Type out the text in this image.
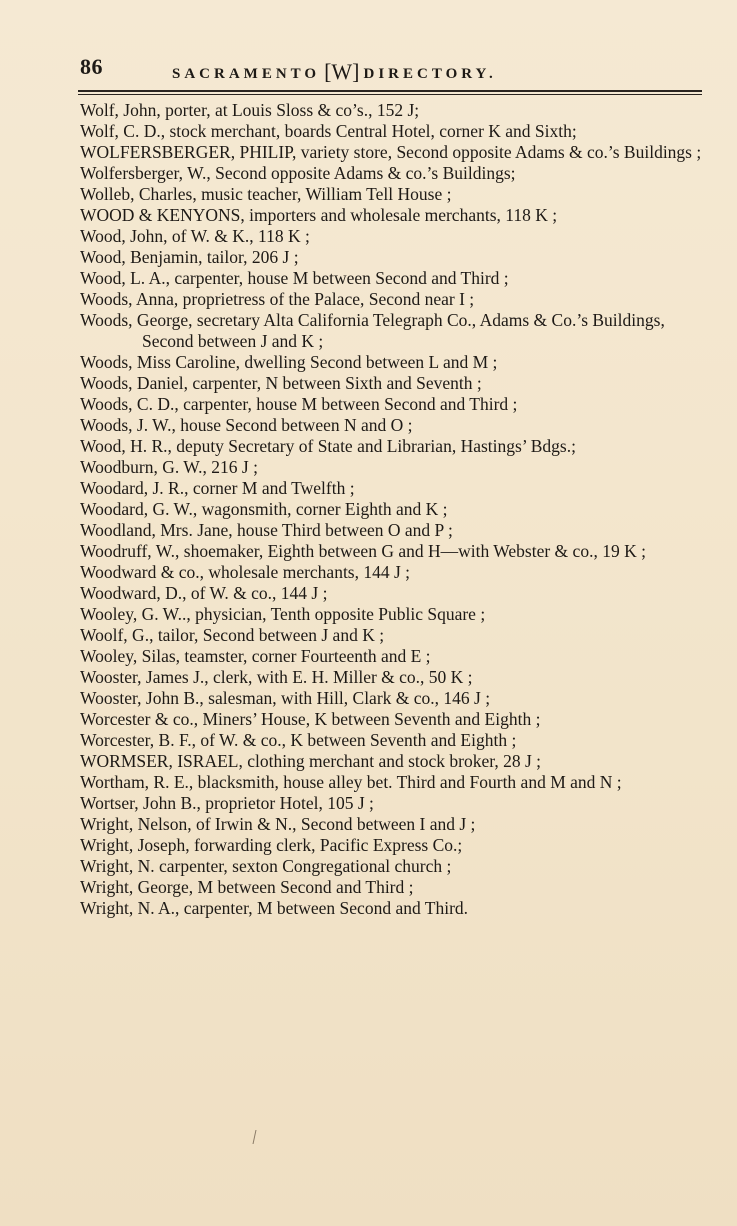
86	SACRAMENTO [W] DIRECTORY.

Wolf, John, porter, at Louis Sloss & co’s., 152 J;

Wolf, C. D., stock merchant, boards Central Hotel, corner K and Sixth;

WOLFERSBERGER, PHILIP, variety store, Second opposite Adams & co.’s Buildings ;

Wolfersberger, W., Second opposite Adams & co.’s Buildings;

Wolleb, Charles, music teacher, William Tell House ;

WOOD & KENYONS, importers and wholesale merchants, 118 K ;

Wood, John, of W. & K., 118 K ;

Wood, Benjamin, tailor, 206 J ;

Wood, L. A., carpenter, house M between Second and Third ;

Woods, Anna, proprietress of the Palace, Second near I ;

Woods, George, secretary Alta California Telegraph Co., Adams & Co.’s Buildings, Second between J and K ;

Woods, Miss Caroline, dwelling Second between L and M ;

Woods, Daniel, carpenter, N between Sixth and Seventh ;

Woods, C. D., carpenter, house M between Second and Third ;

Woods, J. W., house Second between N and O ;

Wood, H. R., deputy Secretary of State and Librarian, Hastings’ Bdgs.;

Woodburn, G. W., 216 J ;

Woodard, J. R., corner M and Twelfth ;

Woodard, G. W., wagonsmith, corner Eighth and K ;

Woodland, Mrs. Jane, house Third between O and P ;

Woodruff, W., shoemaker, Eighth between G and H—with Webster & co., 19 K ;

Woodward & co., wholesale merchants, 144 J ;

Woodward, D., of W. & co., 144 J ;

Wooley, G. W.., physician, Tenth opposite Public Square ;

Woolf, G., tailor, Second between J and K ;

Wooley, Silas, teamster, corner Fourteenth and E ;

Wooster, James J., clerk, with E. H. Miller & co., 50 K ;

Wooster, John B., salesman, with Hill, Clark & co., 146 J ;

Worcester & co., Miners’ House, K between Seventh and Eighth ;

Worcester, B. F., of W. & co., K between Seventh and Eighth ;

WORMSER, ISRAEL, clothing merchant and stock broker, 28 J ;

Wortham, R. E., blacksmith, house alley bet. Third and Fourth and M and N ;

Wortser, John B., proprietor Hotel, 105 J ;

Wright, Nelson, of Irwin & N., Second between I and J ;

Wright, Joseph, forwarding clerk, Pacific Express Co.;

Wright, N. carpenter, sexton Congregational church ;

Wright, George, M between Second and Third ;

Wright, N. A., carpenter, M between Second and Third.
